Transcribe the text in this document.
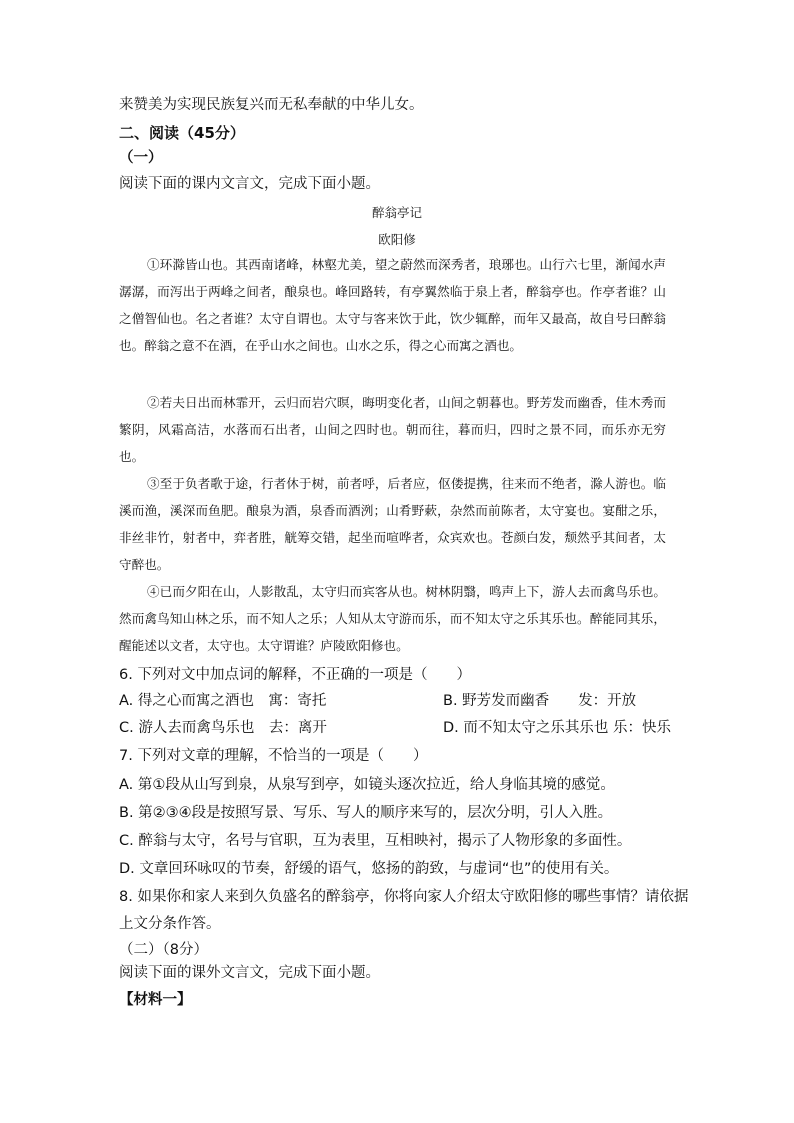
来赞美为实现民族复兴而无私奉献的中华儿女。
二、阅读（45分）
（一）
阅读下面的课内文言文，完成下面小题。
醉翁亭记
欧阳修

①环滁皆山也。其西南诸峰，林壑尤美，望之蔚然而深秀者，琅琊也。山行六七里，渐闻水声潺潺，而泻出于两峰之间者，酿泉也。峰回路转，有亭翼然临于泉上者，醉翁亭也。作亭者谁？山之僧智仙也。名之者谁？太守自谓也。太守与客来饮于此，饮少辄醉，而年又最高，故自号曰醉翁也。醉翁之意不在酒，在乎山水之间也。山水之乐，得之心而寓之酒也。

②若夫日出而林霏开，云归而岩穴暝，晦明变化者，山间之朝暮也。野芳发而幽香，佳木秀而繁阴，风霜高洁，水落而石出者，山间之四时也。朝而往，暮而归，四时之景不同，而乐亦无穷也。

③至于负者歌于途，行者休于树，前者呼，后者应，伛偻提携，往来而不绝者，滁人游也。临溪而渔，溪深而鱼肥。酿泉为酒，泉香而酒洌；山肴野蔌，杂然而前陈者，太守宴也。宴酣之乐，非丝非竹，射者中，弈者胜，觥筹交错，起坐而喧哗者，众宾欢也。苍颜白发，颓然乎其间者，太守醉也。

④已而夕阳在山，人影散乱，太守归而宾客从也。树林阴翳，鸣声上下，游人去而禽鸟乐也。然而禽鸟知山林之乐，而不知人之乐；人知从太守游而乐，而不知太守之乐其乐也。醉能同其乐，醒能述以文者，太守也。太守谓谁？庐陵欧阳修也。

6. 下列对文中加点词的解释，不正确的一项是（　　）
A. 得之心而寓之酒也　寓：寄托	B. 野芳发而幽香　　发：开放
C. 游人去而禽鸟乐也　去：离开	D. 而不知太守之乐其乐也 乐：快乐
7. 下列对文章的理解，不恰当的一项是（　　）
A. 第①段从山写到泉，从泉写到亭，如镜头逐次拉近，给人身临其境的感觉。
B. 第②③④段是按照写景、写乐、写人的顺序来写的，层次分明，引人入胜。
C. 醉翁与太守，名号与官职，互为表里，互相映衬，揭示了人物形象的多面性。
D. 文章回环咏叹的节奏，舒缓的语气，悠扬的韵致，与虚词“也”的使用有关。
8. 如果你和家人来到久负盛名的醉翁亭，你将向家人介绍太守欧阳修的哪些事情？请依据
上文分条作答。
（二）（8分）
阅读下面的课外文言文，完成下面小题。
【材料一】
